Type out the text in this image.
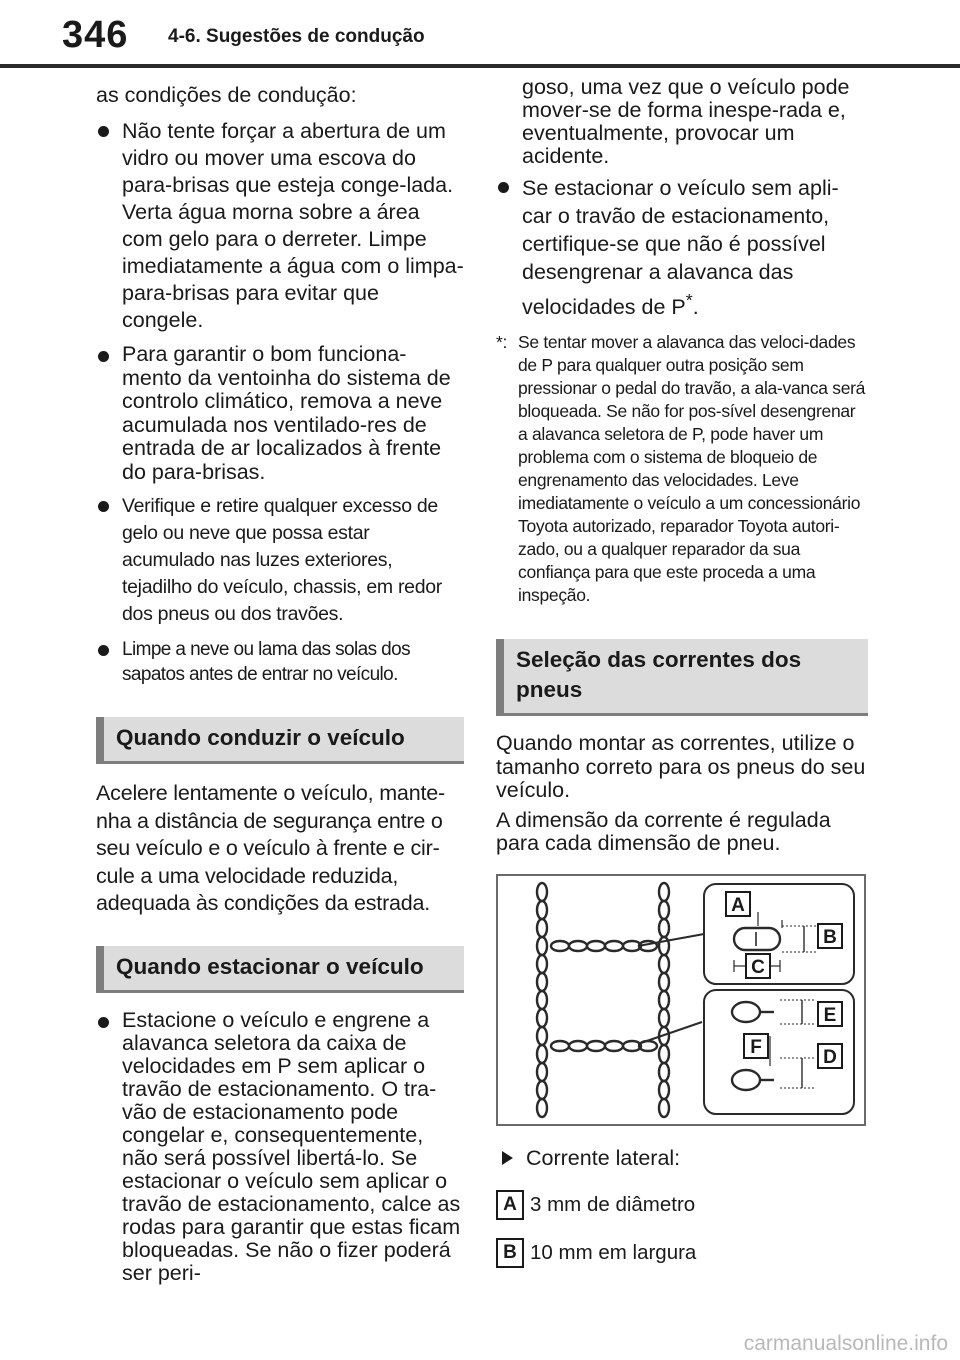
346 4-6. Sugestões de condução

as condições de condução:

Não tente forçar a abertura de um vidro ou mover uma escova do para-brisas que esteja conge-lada. Verta água morna sobre a área com gelo para o derreter. Limpe imediatamente a água com o limpa-para-brisas para evitar que congele.
Para garantir o bom funciona-mento da ventoinha do sistema de controlo climático, remova a neve acumulada nos ventilado-res de entrada de ar localizados à frente do para-brisas.
Verifique e retire qualquer excesso de gelo ou neve que possa estar acumulado nas luzes exteriores, tejadilho do veículo, chassis, em redor dos pneus ou dos travões.
Limpe a neve ou lama das solas dos sapatos antes de entrar no veículo.
Quando conduzir o veículo

Acelere lentamente o veículo, mante-nha a distância de segurança entre o seu veículo e o veículo à frente e cir-cule a uma velocidade reduzida, adequada às condições da estrada.

Quando estacionar o veículo
Estacione o veículo e engrene a alavanca seletora da caixa de velocidades em P sem aplicar o travão de estacionamento. O tra-vão de estacionamento pode congelar e, consequentemente, não será possível libertá-lo. Se estacionar o veículo sem aplicar o travão de estacionamento, calce as rodas para garantir que estas ficam bloqueadas. Se não o fizer poderá ser peri-

goso, uma vez que o veículo pode mover-se de forma inespe-rada e, eventualmente, provocar um acidente.

Se estacionar o veículo sem apli-car o travão de estacionamento, certifique-se que não é possível desengrenar a alavanca das velocidades de P*.
*: Se tentar mover a alavanca das veloci-dades de P para qualquer outra posição sem pressionar o pedal do travão, a ala-vanca será bloqueada. Se não for pos-sível desengrenar a alavanca seletora de P, pode haver um problema com o sistema de bloqueio de engrenamento das velocidades. Leve imediatamente o veículo a um concessionário Toyota autorizado, reparador Toyota autori-zado, ou a qualquer reparador da sua confiança para que este proceda a uma inspeção.
Seleção das correntes dos pneus

Quando montar as correntes, utilize o tamanho correto para os pneus do seu veículo.

A dimensão da corrente é regulada para cada dimensão de pneu.

A
B
C
E
F	D
Corrente lateral:
A 3 mm de diâmetro
B 10 mm em largura
carmanualsonline.info
